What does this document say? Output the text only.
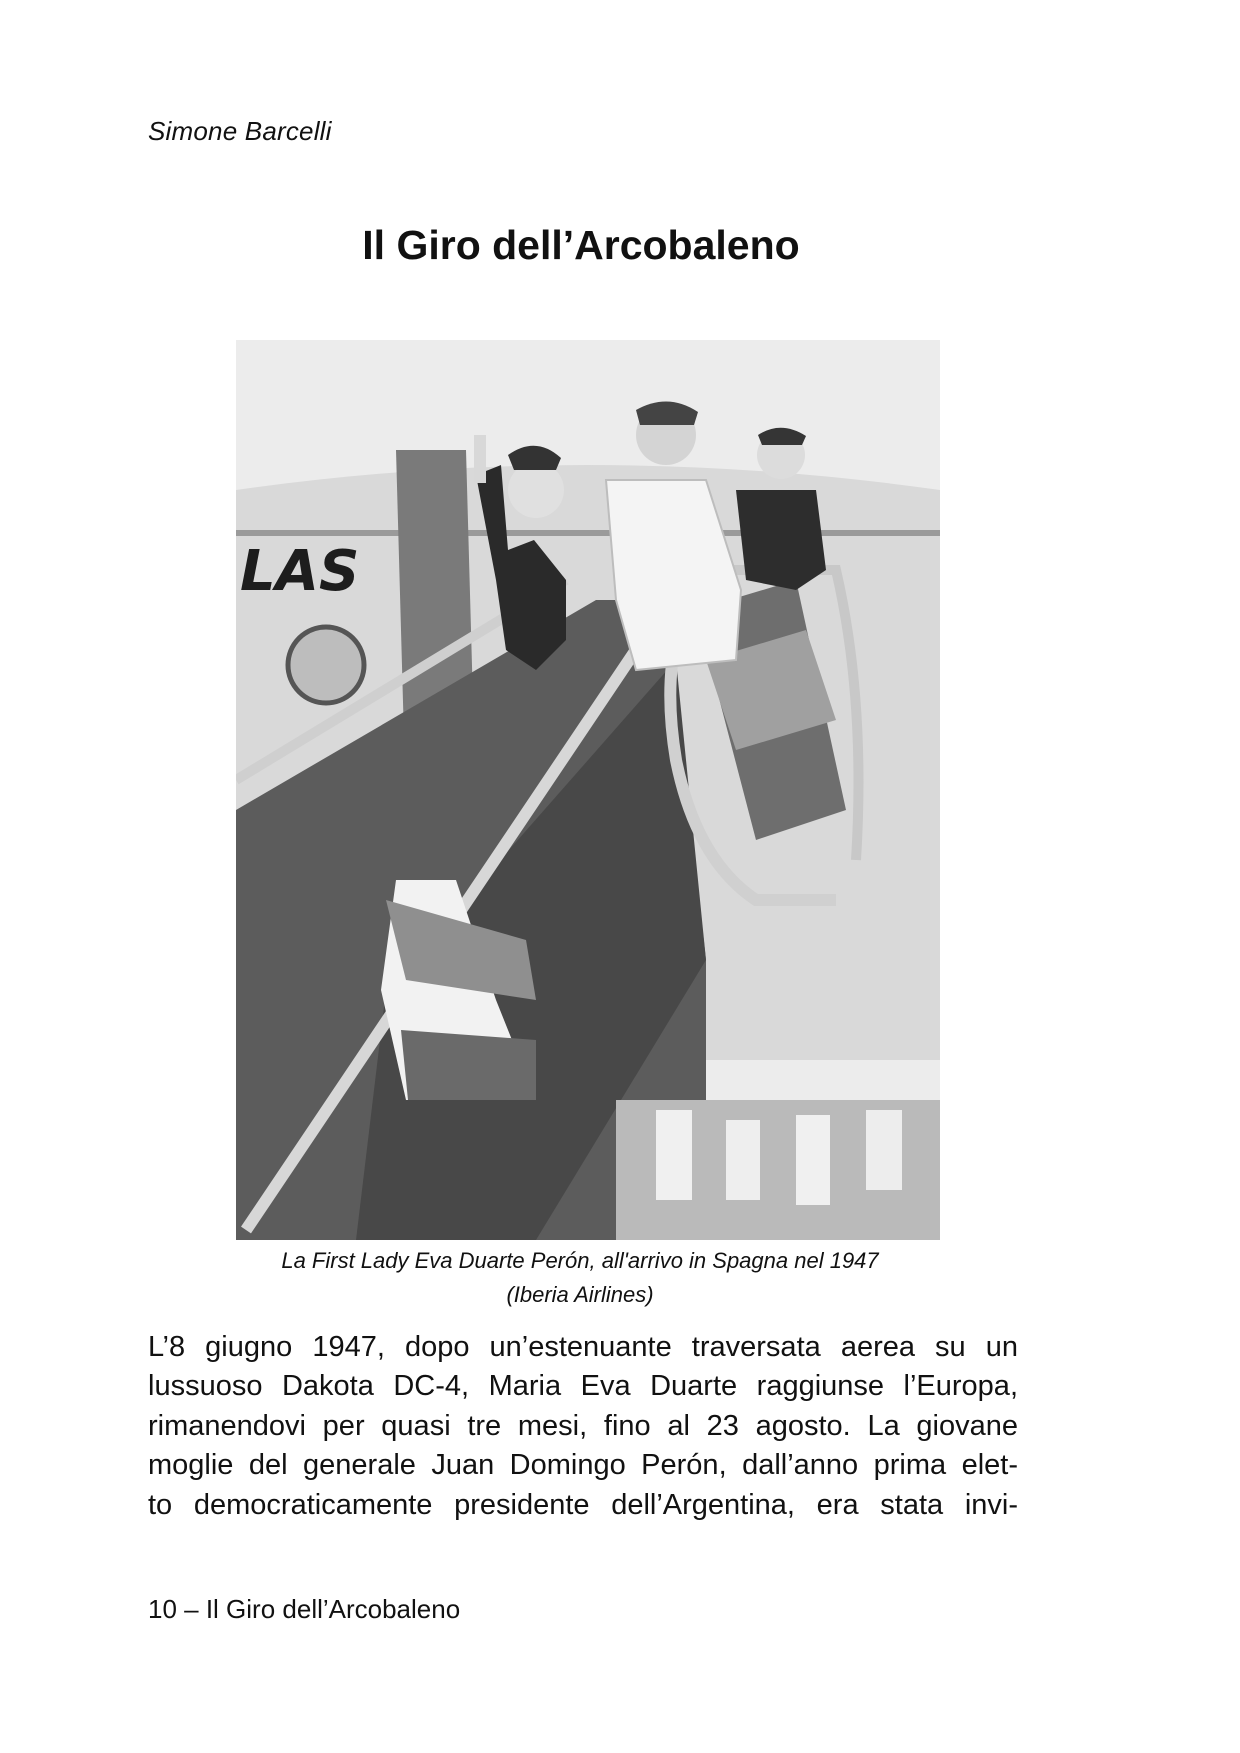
Simone Barcelli
Il Giro dell’Arcobaleno
LAS
La First Lady Eva Duarte Perón, all'arrivo in Spagna nel 1947
(Iberia Airlines)
L’8 giugno 1947, dopo un’estenuante traversata aerea su un
lussuoso Dakota DC-4, Maria Eva Duarte raggiunse l’Europa,
rimanendovi per quasi tre mesi, fino al 23 agosto. La giovane
moglie del generale Juan Domingo Perón, dall’anno prima elet-
to democraticamente presidente dell’Argentina, era stata invi-
10 – Il Giro dell’Arcobaleno
